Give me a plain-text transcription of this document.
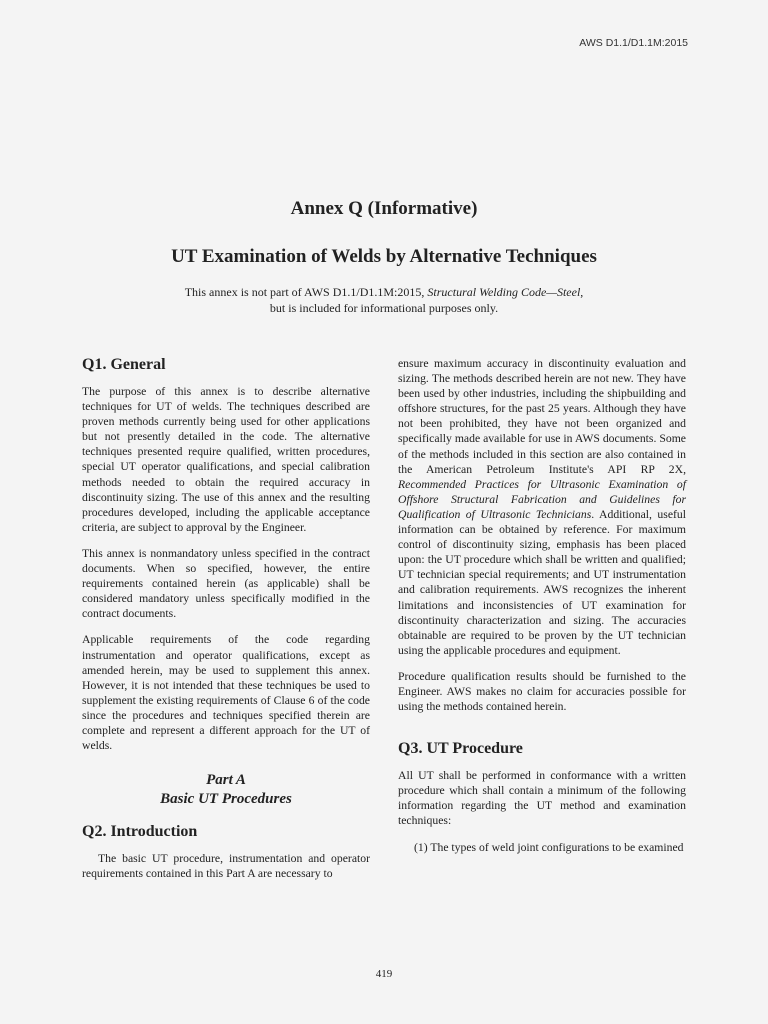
AWS D1.1/D1.1M:2015
Annex Q (Informative)
UT Examination of Welds by Alternative Techniques
This annex is not part of AWS D1.1/D1.1M:2015, Structural Welding Code—Steel,
but is included for informational purposes only.
Q1. General

The purpose of this annex is to describe alternative techniques for UT of welds. The techniques described are proven methods currently being used for other applications but not presently detailed in the code. The alternative techniques presented require qualified, written procedures, special UT operator qualifications, and special calibration methods needed to obtain the required accuracy in discontinuity sizing. The use of this annex and the resulting procedures developed, including the applicable acceptance criteria, are subject to approval by the Engineer.

This annex is nonmandatory unless specified in the contract documents. When so specified, however, the entire requirements contained herein (as applicable) shall be considered mandatory unless specifically modified in the contract documents.

Applicable requirements of the code regarding instrumentation and operator qualifications, except as amended herein, may be used to supplement this annex. However, it is not intended that these techniques be used to supplement the existing requirements of Clause 6 of the code since the procedures and techniques specified therein are complete and represent a different approach for the UT of welds.

Part A
Basic UT Procedures
Q2. Introduction

The basic UT procedure, instrumentation and operator requirements contained in this Part A are necessary to

ensure maximum accuracy in discontinuity evaluation and sizing. The methods described herein are not new. They have been used by other industries, including the shipbuilding and offshore structures, for the past 25 years. Although they have not been prohibited, they have not been organized and specifically made available for use in AWS documents. Some of the methods included in this section are also contained in the American Petroleum Institute's API RP 2X, Recommended Practices for Ultrasonic Examination of Offshore Structural Fabrication and Guidelines for Qualification of Ultrasonic Technicians. Additional, useful information can be obtained by reference. For maximum control of discontinuity sizing, emphasis has been placed upon: the UT procedure which shall be written and qualified; UT technician special requirements; and UT instrumentation and calibration requirements. AWS recognizes the inherent limitations and inconsistencies of UT examination for discontinuity characterization and sizing. The accuracies obtainable are required to be proven by the UT technician using the applicable procedures and equipment.

Procedure qualification results should be furnished to the Engineer. AWS makes no claim for accuracies possible for using the methods contained herein.

Q3. UT Procedure

All UT shall be performed in conformance with a written procedure which shall contain a minimum of the following information regarding the UT method and examination techniques:

(1) The types of weld joint configurations to be examined

419
